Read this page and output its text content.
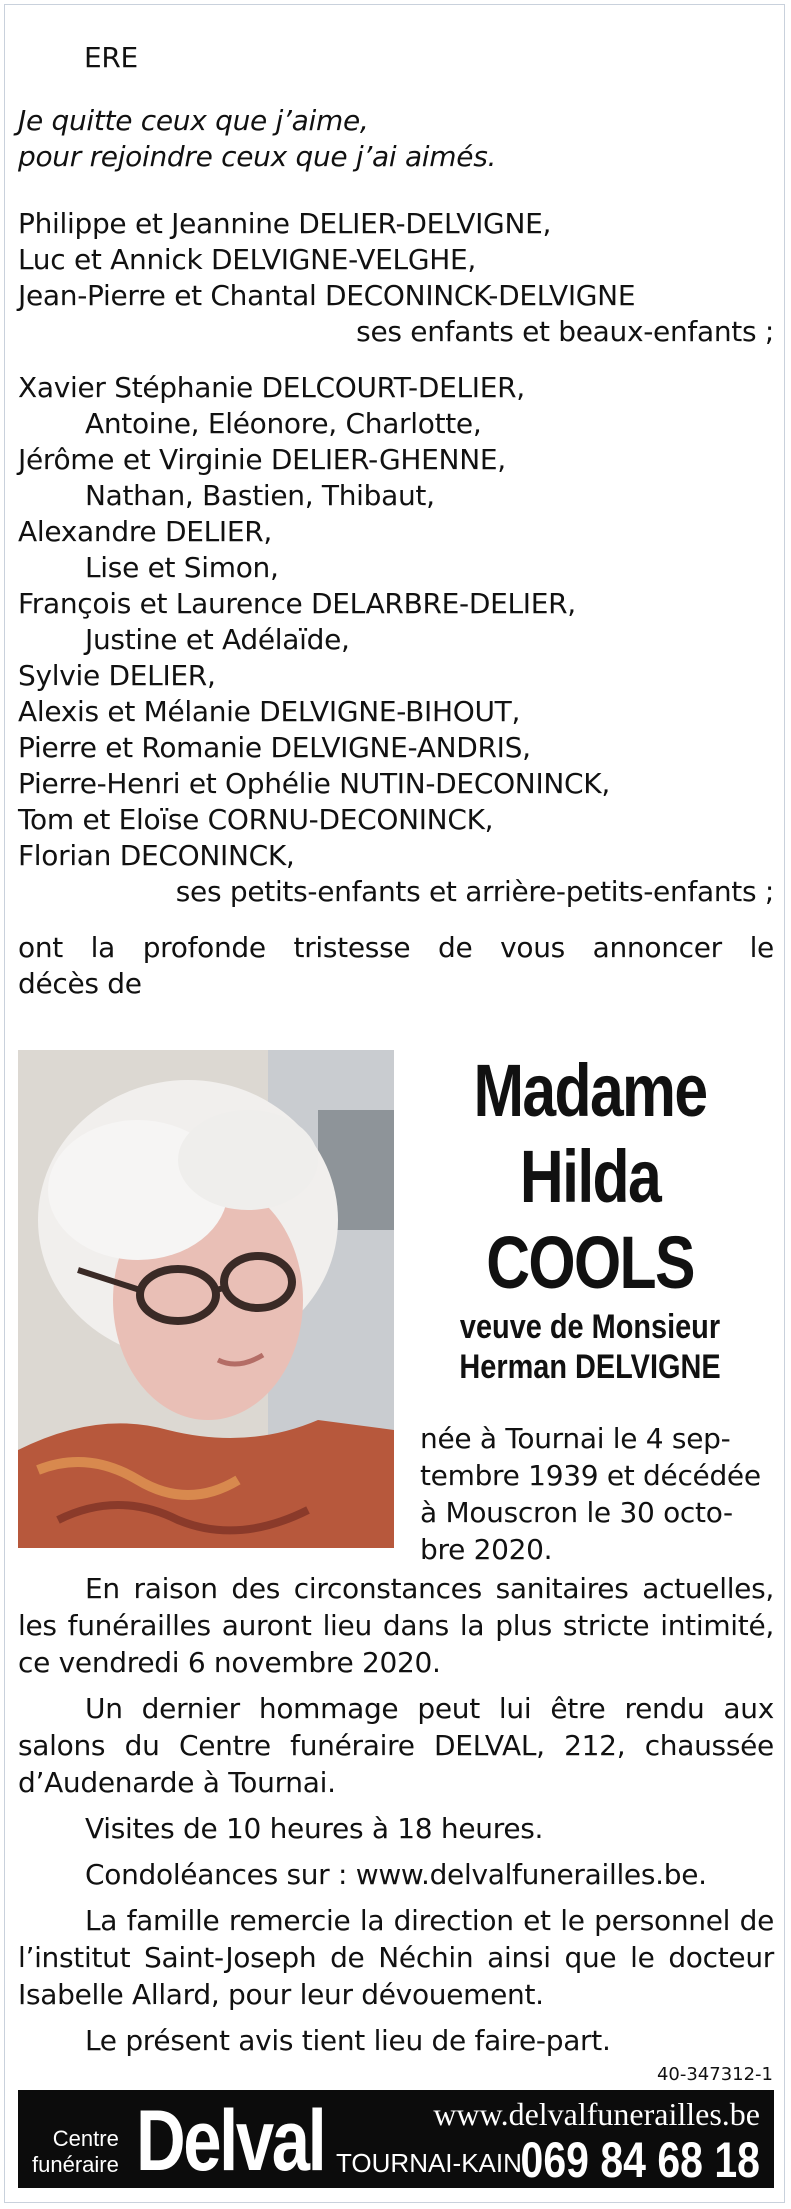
ERE
Je quitte ceux que j’aime,
pour rejoindre ceux que j’ai aimés.
Philippe et Jeannine DELIER-DELVIGNE,
Luc et Annick DELVIGNE-VELGHE,
Jean-Pierre et Chantal DECONINCK-DELVIGNE
ses enfants et beaux-enfants ;
Xavier Stéphanie DELCOURT-DELIER,
Antoine, Eléonore, Charlotte,
Jérôme et Virginie DELIER-GHENNE,
Nathan, Bastien, Thibaut,
Alexandre DELIER,
Lise et Simon,
François et Laurence DELARBRE-DELIER,
Justine et Adélaïde,
Sylvie DELIER,
Alexis et Mélanie DELVIGNE-BIHOUT,
Pierre et Romanie DELVIGNE-ANDRIS,
Pierre-Henri et Ophélie NUTIN-DECONINCK,
Tom et Eloïse CORNU-DECONINCK,
Florian DECONINCK,
ses petits-enfants et arrière-petits-enfants ;
ont la profonde tristesse de vous annoncer le
décès de
Madame
Hilda
COOLS
veuve de Monsieur
Herman DELVIGNE
née à Tournai le 4 sep-
tembre 1939 et décédée
à Mouscron le 30 octo-
bre 2020.

En raison des circonstances sanitaires actuelles, les funérailles auront lieu dans la plus stricte intimité, ce vendredi 6 novembre 2020.

Un dernier hommage peut lui être rendu aux salons du Centre funéraire DELVAL, 212, chaussée d’Audenarde à Tournai.

Visites de 10 heures à 18 heures.

Condoléances sur : www.delvalfunerailles.be.

La famille remercie la direction et le personnel de l’institut Saint-Joseph de Néchin ainsi que le docteur Isabelle Allard, pour leur dévouement.

Le présent avis tient lieu de faire-part.

40-347312-1
Centre
funéraire Delval	www.delvalfunerailles.be
TOURNAI-KAIN
069 84 68 18
